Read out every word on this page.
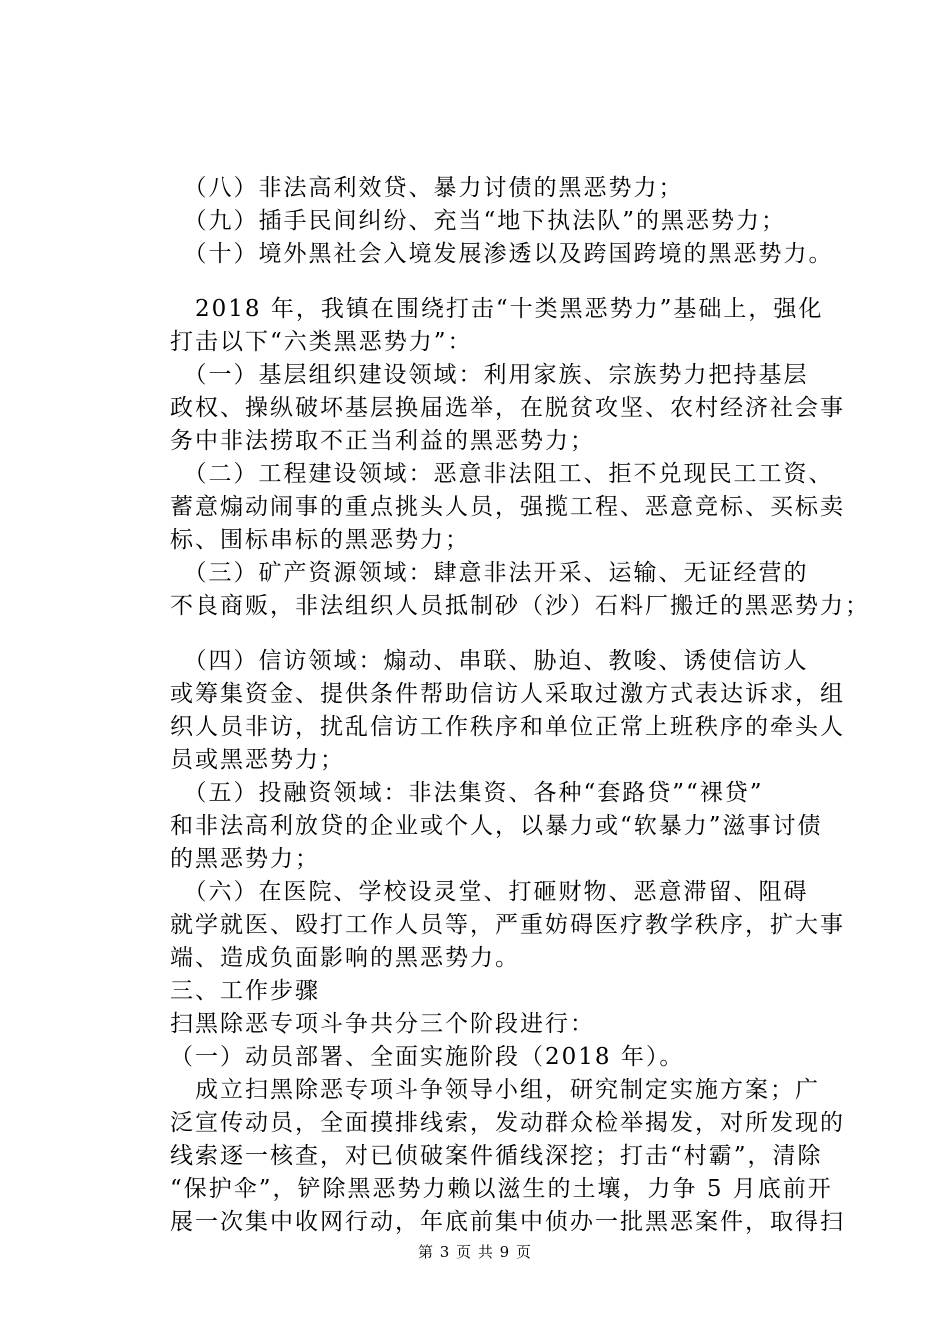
　（八）非法高利效贷、暴力讨债的黑恶势力；
　（九）插手民间纠纷、充当“地下执法队”的黑恶势力；
　（十）境外黑社会入境发展渗透以及跨国跨境的黑恶势力。
　2018 年，我镇在围绕打击“十类黑恶势力”基础上，强化
打击以下“六类黑恶势力”：
　（一）基层组织建设领域：利用家族、宗族势力把持基层
政权、操纵破坏基层换届选举，在脱贫攻坚、农村经济社会事
务中非法捞取不正当利益的黑恶势力；
　（二）工程建设领域：恶意非法阻工、拒不兑现民工工资、
蓄意煽动闹事的重点挑头人员，强揽工程、恶意竞标、买标卖
标、围标串标的黑恶势力；
　（三）矿产资源领域：肆意非法开采、运输、无证经营的
不良商贩，非法组织人员抵制砂（沙）石料厂搬迁的黑恶势力；
　（四）信访领域：煽动、串联、胁迫、教唆、诱使信访人
或筹集资金、提供条件帮助信访人采取过激方式表达诉求，组
织人员非访，扰乱信访工作秩序和单位正常上班秩序的牵头人
员或黑恶势力；
　（五）投融资领域：非法集资、各种“套路贷”“裸贷”
和非法高利放贷的企业或个人，以暴力或“软暴力”滋事讨债
的黑恶势力；
　（六）在医院、学校设灵堂、打砸财物、恶意滞留、阻碍
就学就医、殴打工作人员等，严重妨碍医疗教学秩序，扩大事
端、造成负面影响的黑恶势力。
三、工作步骤
扫黑除恶专项斗争共分三个阶段进行：
（一）动员部署、全面实施阶段（2018 年）。
　成立扫黑除恶专项斗争领导小组，研究制定实施方案；广
泛宣传动员，全面摸排线索，发动群众检举揭发，对所发现的
线索逐一核查，对已侦破案件循线深挖；打击“村霸”，清除
“保护伞”，铲除黑恶势力赖以滋生的土壤，力争 5 月底前开
展一次集中收网行动，年底前集中侦办一批黑恶案件，取得扫
第 3 页 共 9 页
